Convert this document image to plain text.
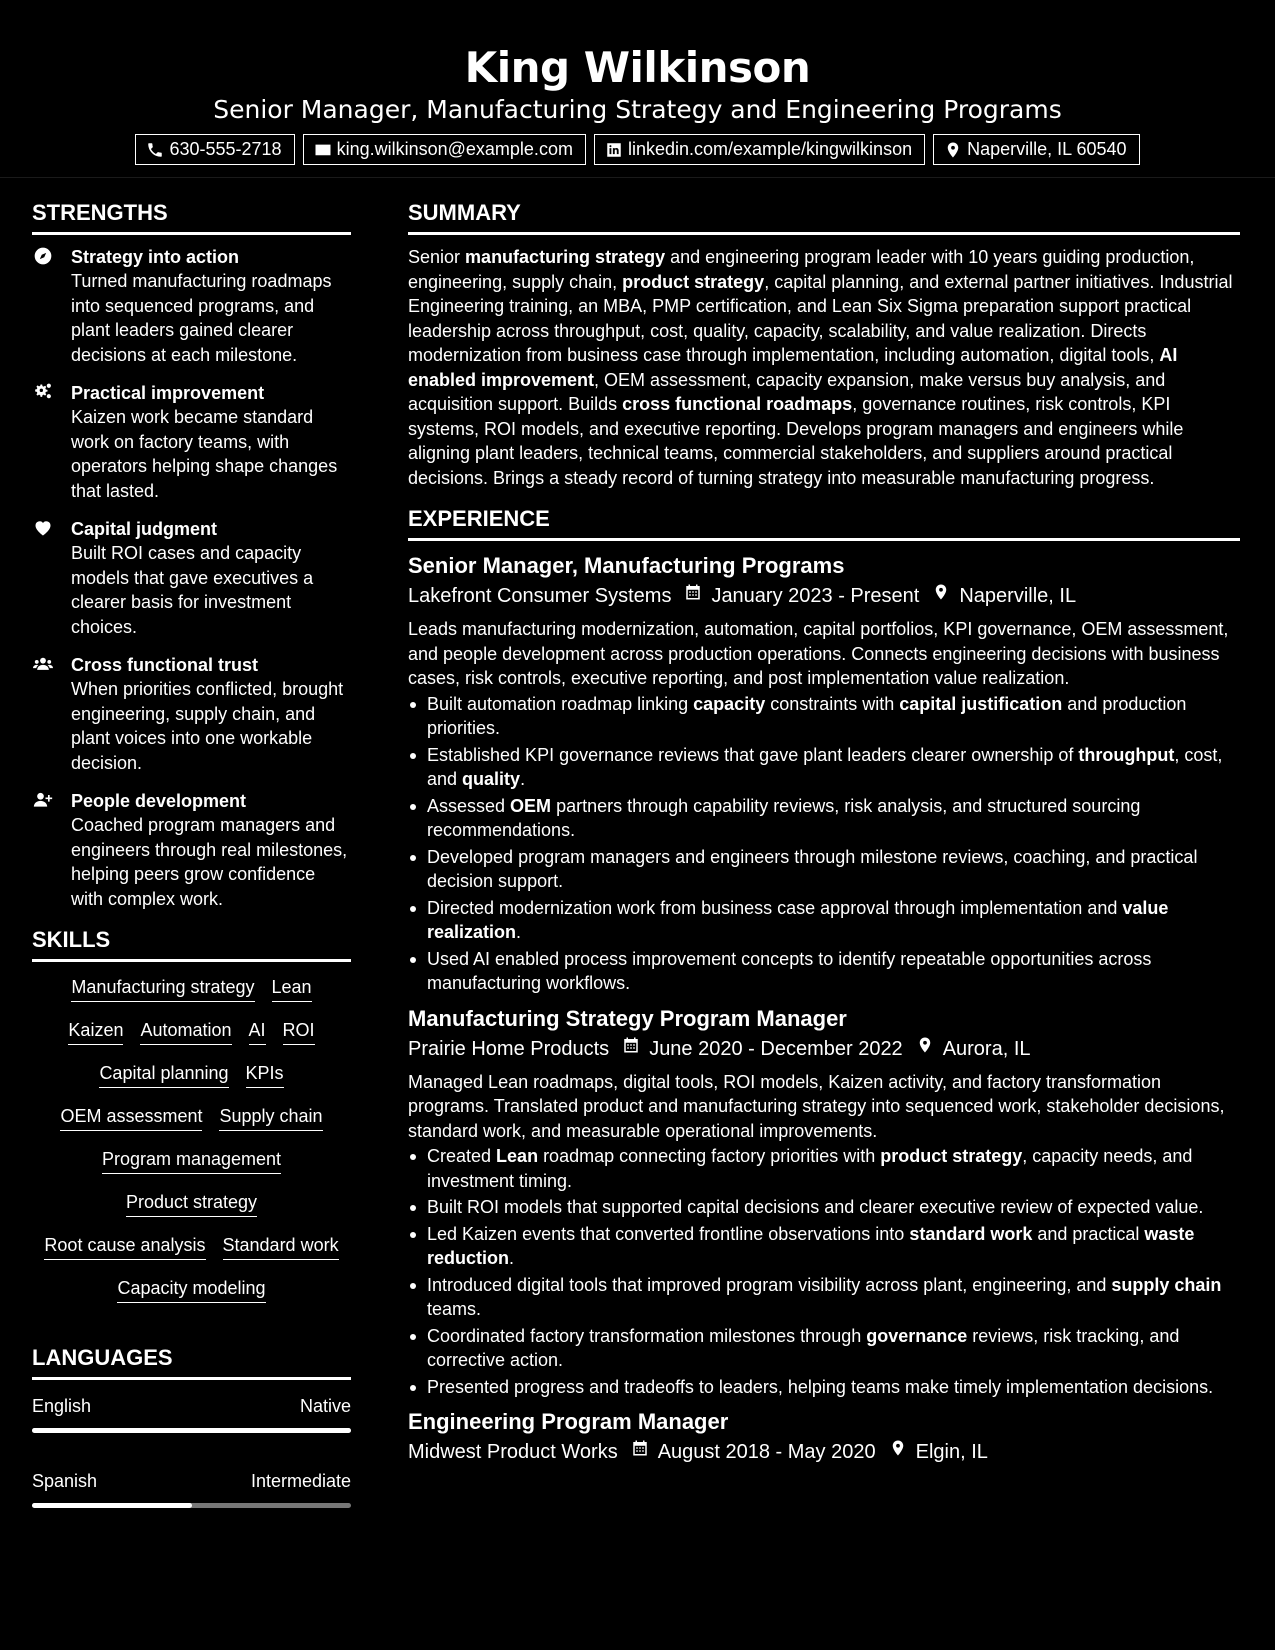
King Wilkinson
Senior Manager, Manufacturing Strategy and Engineering Programs
630-555-2718	king.wilkinson@example.com	linkedin.com/example/kingwilkinson	Naperville, IL 60540
STRENGTHS
Strategy into action
Turned manufacturing roadmaps into sequenced programs, and plant leaders gained clearer decisions at each milestone.
Practical improvement
Kaizen work became standard work on factory teams, with operators helping shape changes that lasted.
Capital judgment
Built ROI cases and capacity models that gave executives a clearer basis for investment choices.
Cross functional trust
When priorities conflicted, brought engineering, supply chain, and plant voices into one workable decision.
People development
Coached program managers and engineers through real milestones, helping peers grow confidence with complex work.
SKILLS
Manufacturing strategy Lean
Kaizen Automation AI ROI
Capital planning KPIs
OEM assessment Supply chain
Program management
Product strategy
Root cause analysis Standard work
Capacity modeling
LANGUAGES
English	Native
Spanish	Intermediate
SUMMARY
Senior manufacturing strategy and engineering program leader with 10 years guiding production, engineering, supply chain, product strategy, capital planning, and external partner initiatives. Industrial Engineering training, an MBA, PMP certification, and Lean Six Sigma preparation support practical leadership across throughput, cost, quality, capacity, scalability, and value realization. Directs modernization from business case through implementation, including automation, digital tools, AI enabled improvement, OEM assessment, capacity expansion, make versus buy analysis, and acquisition support. Builds cross functional roadmaps, governance routines, risk controls, KPI systems, ROI models, and executive reporting. Develops program managers and engineers while aligning plant leaders, technical teams, commercial stakeholders, and suppliers around practical decisions. Brings a steady record of turning strategy into measurable manufacturing progress.
EXPERIENCE
Senior Manager, Manufacturing Programs
Lakefront Consumer Systems January 2023 - Present Naperville, IL
Leads manufacturing modernization, automation, capital portfolios, KPI governance, OEM assessment, and people development across production operations. Connects engineering decisions with business cases, risk controls, executive reporting, and post implementation value realization.
Built automation roadmap linking capacity constraints with capital justification and production priorities.
Established KPI governance reviews that gave plant leaders clearer ownership of throughput, cost, and quality.
Assessed OEM partners through capability reviews, risk analysis, and structured sourcing recommendations.
Developed program managers and engineers through milestone reviews, coaching, and practical decision support.
Directed modernization work from business case approval through implementation and value realization.
Used AI enabled process improvement concepts to identify repeatable opportunities across manufacturing workflows.
Manufacturing Strategy Program Manager
Prairie Home Products June 2020 - December 2022 Aurora, IL
Managed Lean roadmaps, digital tools, ROI models, Kaizen activity, and factory transformation programs. Translated product and manufacturing strategy into sequenced work, stakeholder decisions, standard work, and measurable operational improvements.
Created Lean roadmap connecting factory priorities with product strategy, capacity needs, and investment timing.
Built ROI models that supported capital decisions and clearer executive review of expected value.
Led Kaizen events that converted frontline observations into standard work and practical waste reduction.
Introduced digital tools that improved program visibility across plant, engineering, and supply chain teams.
Coordinated factory transformation milestones through governance reviews, risk tracking, and corrective action.
Presented progress and tradeoffs to leaders, helping teams make timely implementation decisions.
Engineering Program Manager
Midwest Product Works August 2018 - May 2020 Elgin, IL
